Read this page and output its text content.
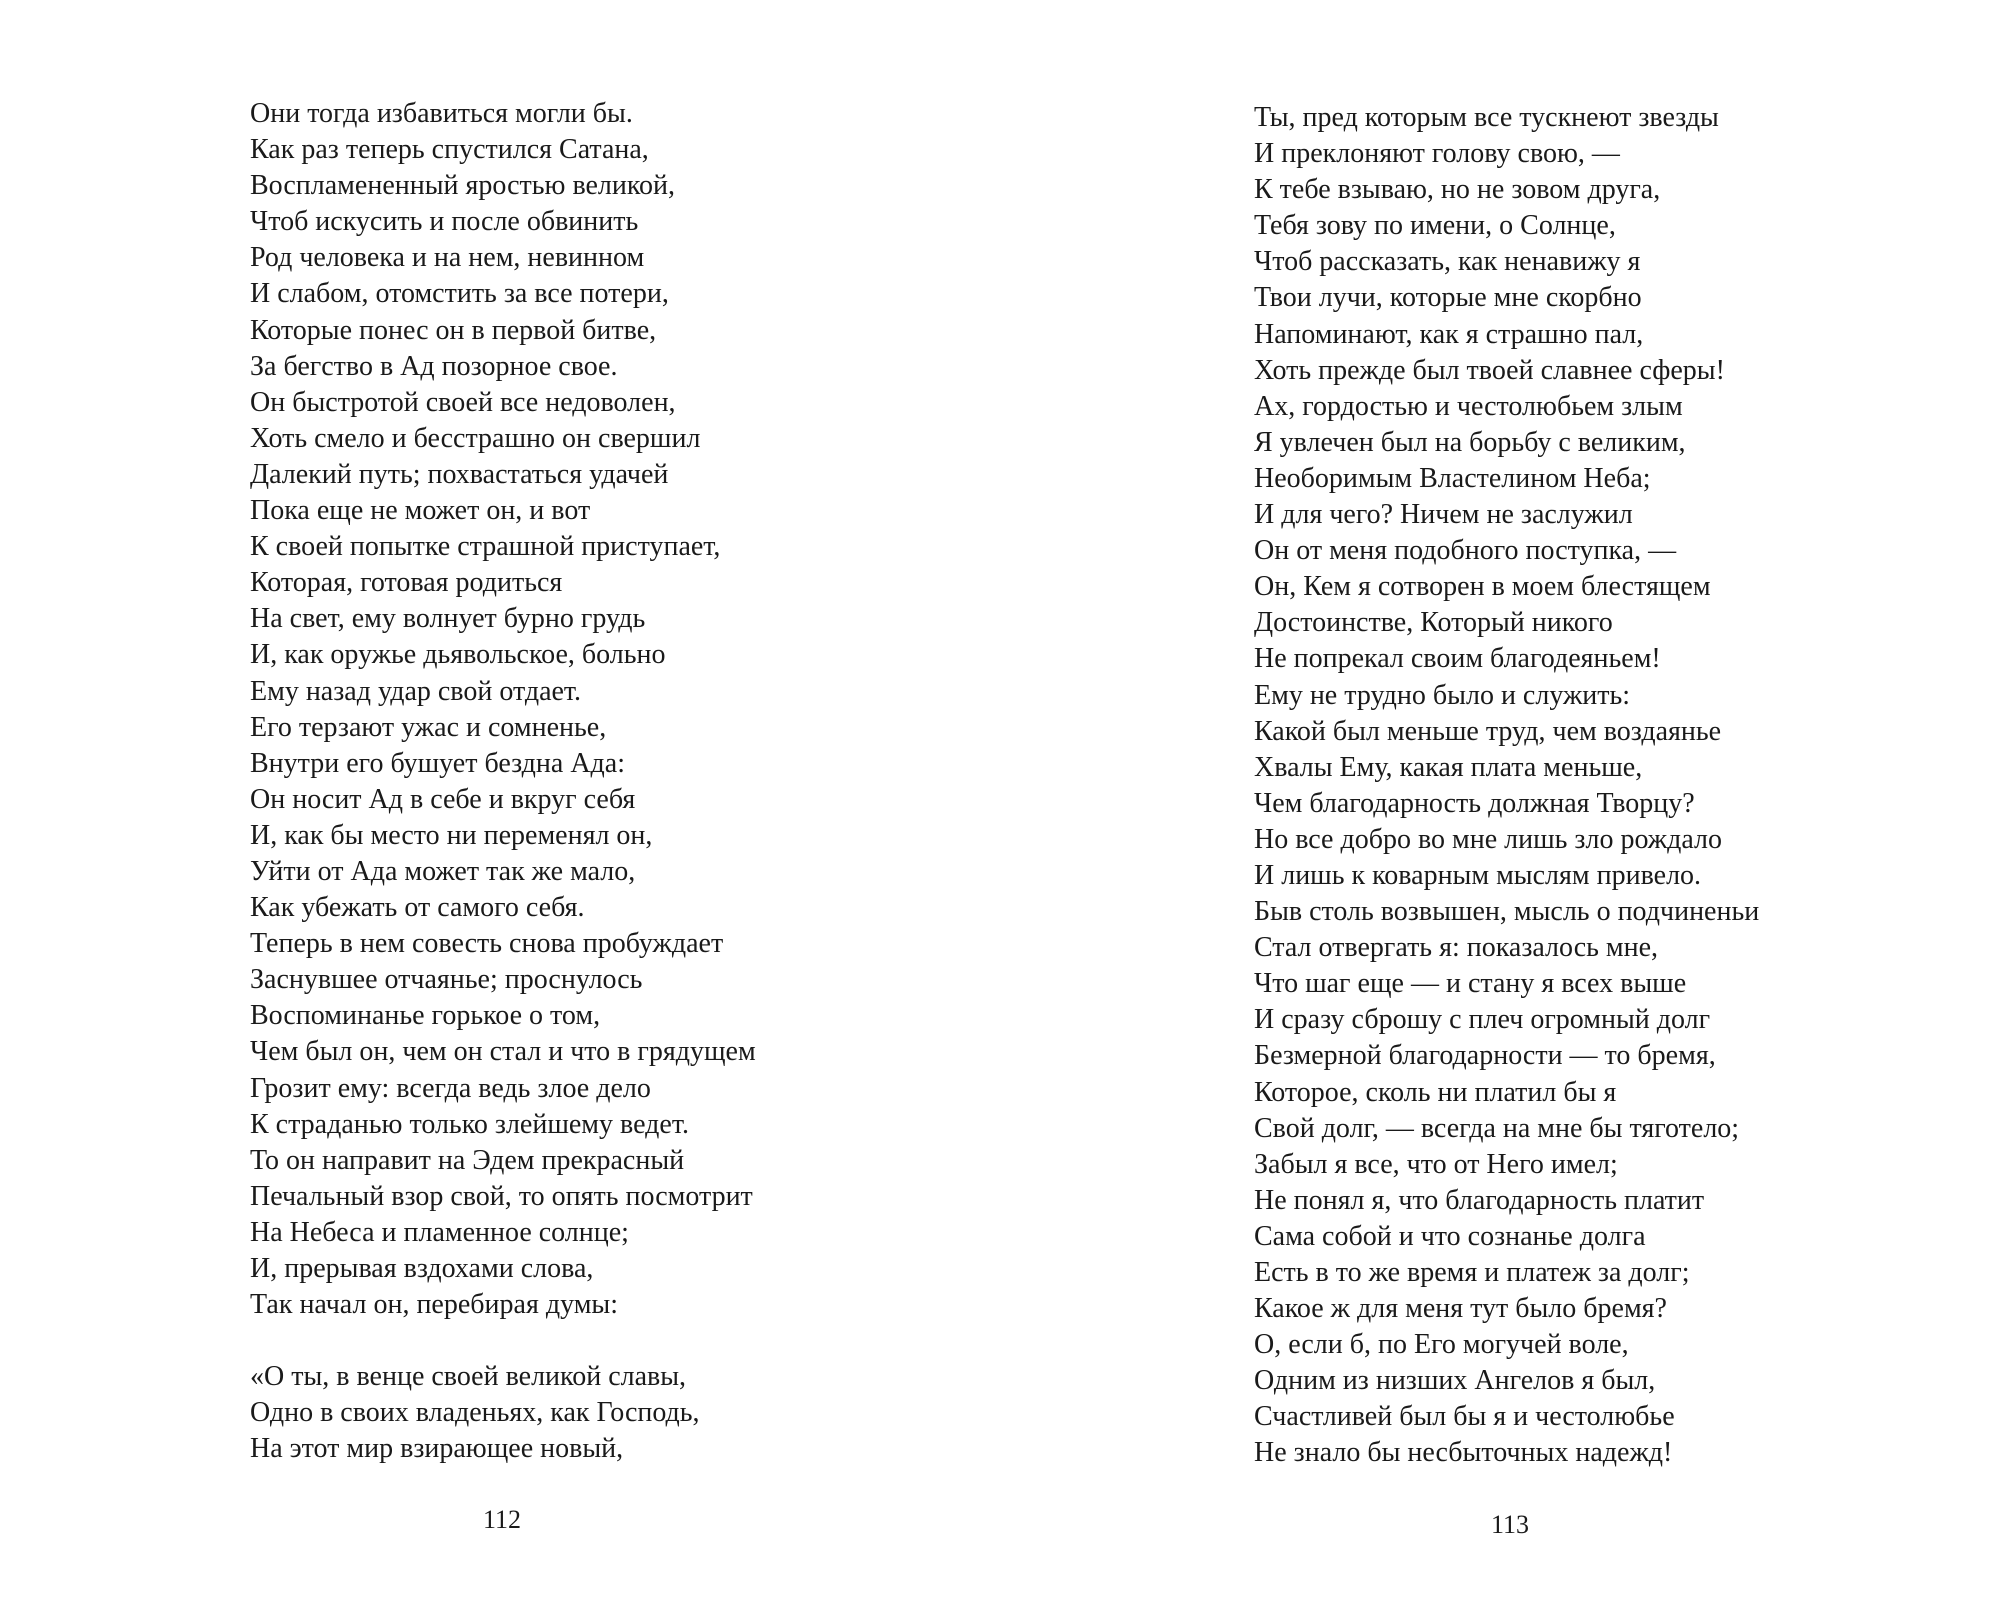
Они тогда избавиться могли бы.
Как раз теперь спустился Сатана,
Воспламененный яростью великой,
Чтоб искусить и после обвинить
Род человека и на нем, невинном
И слабом, отомстить за все потери,
Которые понес он в первой битве,
За бегство в Ад позорное свое.
Он быстротой своей все недоволен,
Хоть смело и бесстрашно он свершил
Далекий путь; похвастаться удачей
Пока еще не может он, и вот
К своей попытке страшной приступает,
Которая, готовая родиться
На свет, ему волнует бурно грудь
И, как оружье дьявольское, больно
Ему назад удар свой отдает.
Его терзают ужас и сомненье,
Внутри его бушует бездна Ада:
Он носит Ад в себе и вкруг себя
И, как бы место ни переменял он,
Уйти от Ада может так же мало,
Как убежать от самого себя.
Теперь в нем совесть снова пробуждает
Заснувшее отчаянье; проснулось
Воспоминанье горькое о том,
Чем был он, чем он стал и что в грядущем
Грозит ему: всегда ведь злое дело
К страданью только злейшему ведет.
То он направит на Эдем прекрасный
Печальный взор свой, то опять посмотрит
На Небеса и пламенное солнце;
И, прерывая вздохами слова,
Так начал он, перебирая думы:
«О ты, в венце своей великой славы,
Одно в своих владеньях, как Господь,
На этот мир взирающее новый,
112
Ты, пред которым все тускнеют звезды
И преклоняют голову свою, —
К тебе взываю, но не зовом друга,
Тебя зову по имени, о Солнце,
Чтоб рассказать, как ненавижу я
Твои лучи, которые мне скорбно
Напоминают, как я страшно пал,
Хоть прежде был твоей славнее сферы!
Ах, гордостью и честолюбьем злым
Я увлечен был на борьбу с великим,
Необоримым Властелином Неба;
И для чего? Ничем не заслужил
Он от меня подобного поступка, —
Он, Кем я сотворен в моем блестящем
Достоинстве, Который никого
Не попрекал своим благодеяньем!
Ему не трудно было и служить:
Какой был меньше труд, чем воздаянье
Хвалы Ему, какая плата меньше,
Чем благодарность должная Творцу?
Но все добро во мне лишь зло рождало
И лишь к коварным мыслям привело.
Быв столь возвышен, мысль о подчиненьи
Стал отвергать я: показалось мне,
Что шаг еще — и стану я всех выше
И сразу сброшу с плеч огромный долг
Безмерной благодарности — то бремя,
Которое, сколь ни платил бы я
Свой долг, — всегда на мне бы тяготело;
Забыл я все, что от Него имел;
Не понял я, что благодарность платит
Сама собой и что сознанье долга
Есть в то же время и платеж за долг;
Какое ж для меня тут было бремя?
О, если б, по Его могучей воле,
Одним из низших Ангелов я был,
Счастливей был бы я и честолюбье
Не знало бы несбыточных надежд!
113
